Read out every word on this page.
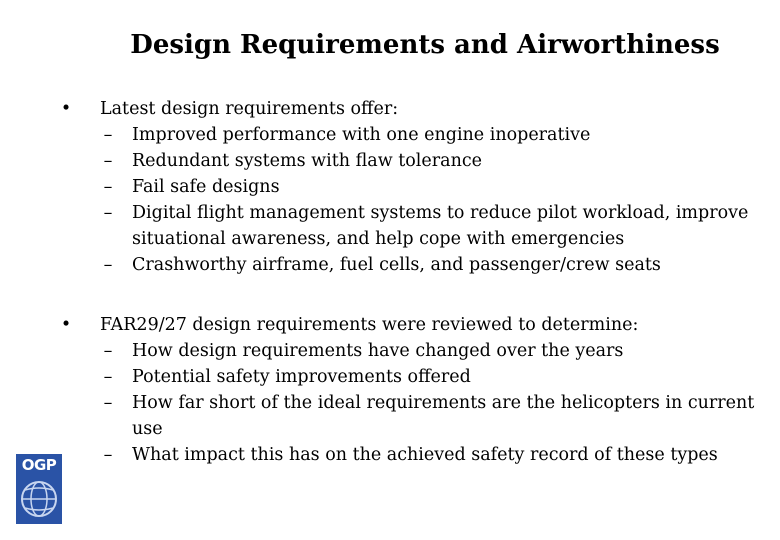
Design Requirements and Airworthiness
• Latest design requirements offer:
–	Improved performance with one engine inoperative
–	Redundant systems with flaw tolerance
–	Fail safe designs
–	Digital flight management systems to reduce pilot workload, improve situational awareness, and help cope with emergencies
–	Crashworthy airframe, fuel cells, and passenger/crew seats
• FAR29/27 design requirements were reviewed to determine:
–	How design requirements have changed over the years
–	Potential safety improvements offered
–	How far short of the ideal requirements are the helicopters in current use
–	What impact this has on the achieved safety record of these types
OGP
